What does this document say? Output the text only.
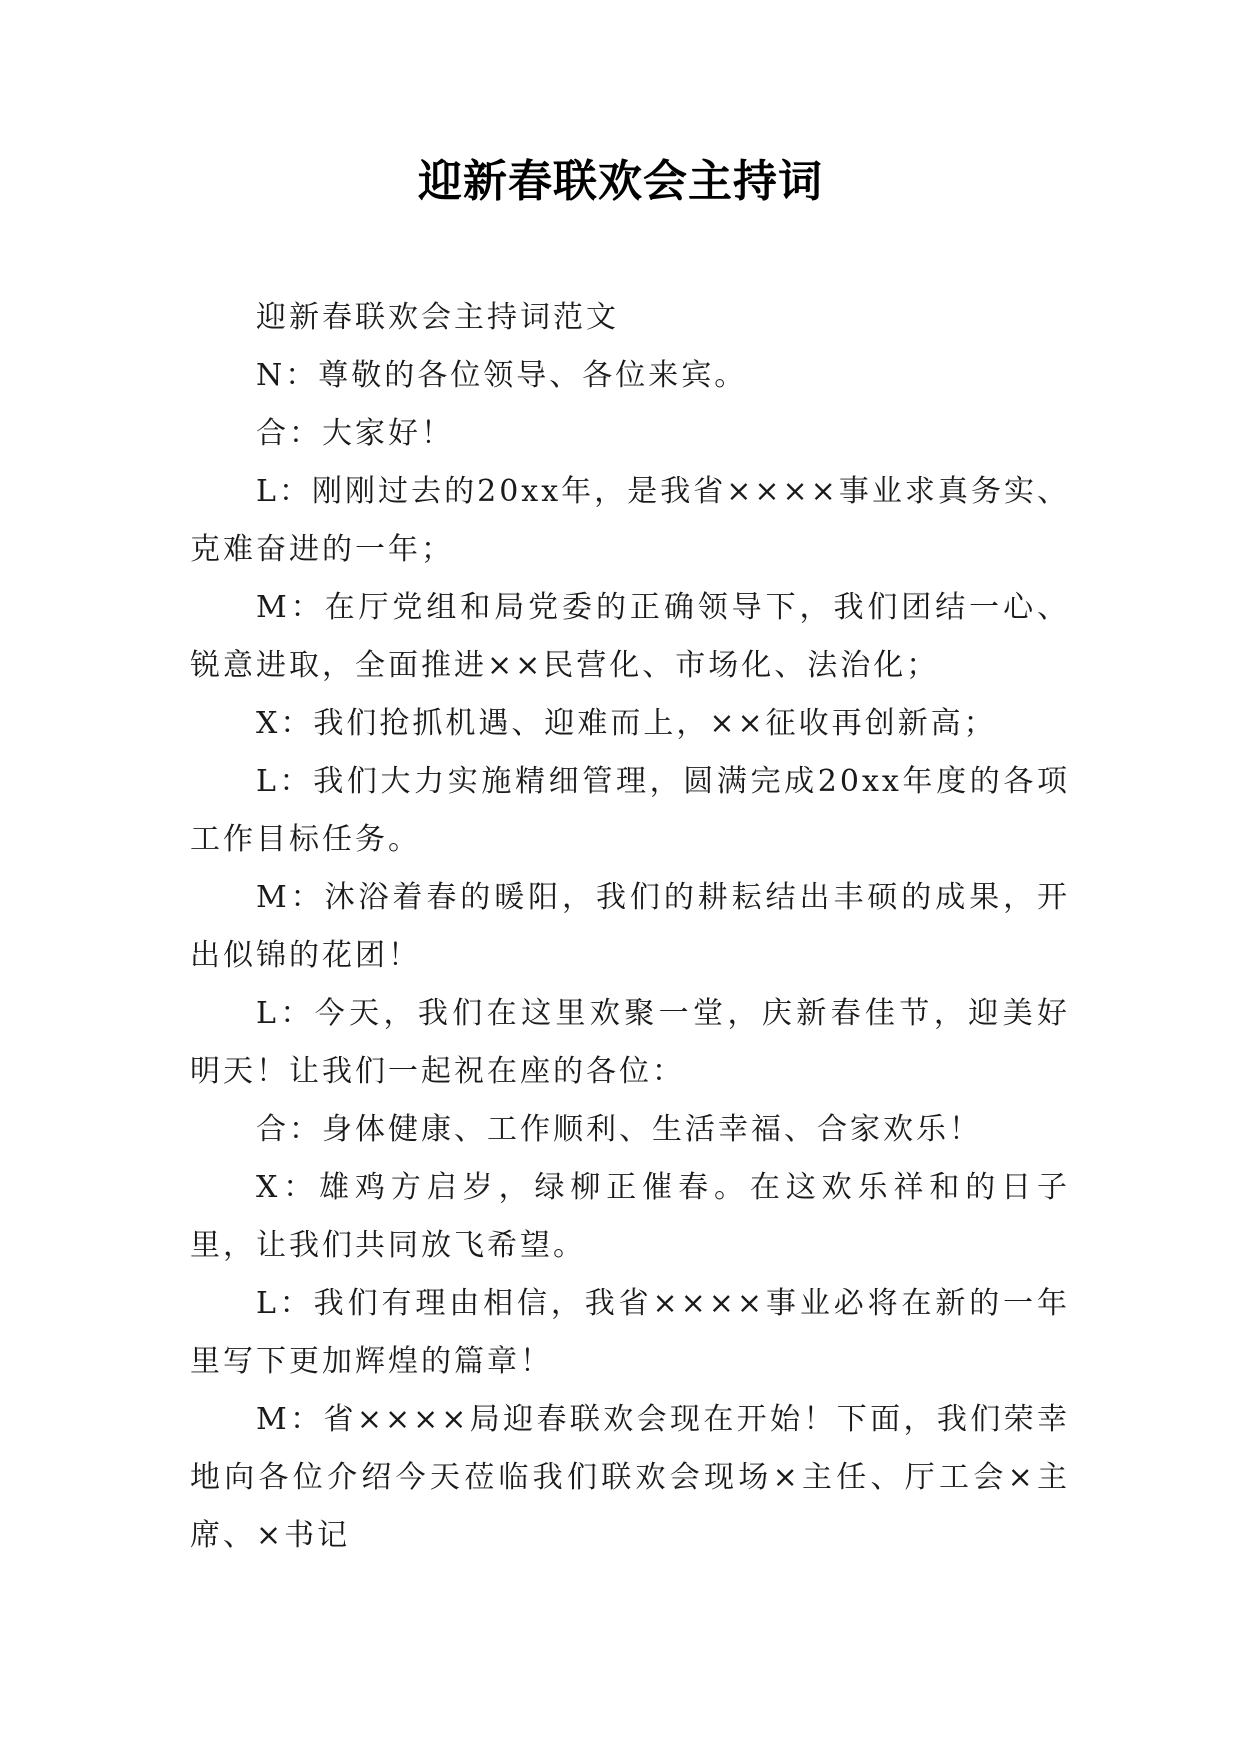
迎新春联欢会主持词

迎新春联欢会主持词范文

N：尊敬的各位领导、各位来宾。

合：大家好！

L：刚刚过去的20xx年，是我省××××事业求真务实、克难奋进的一年；

M：在厅党组和局党委的正确领导下，我们团结一心、锐意进取，全面推进××民营化、市场化、法治化；

X：我们抢抓机遇、迎难而上，××征收再创新高；

L：我们大力实施精细管理，圆满完成20xx年度的各项工作目标任务。

M：沐浴着春的暖阳，我们的耕耘结出丰硕的成果，开出似锦的花团！

L：今天，我们在这里欢聚一堂，庆新春佳节，迎美好明天！让我们一起祝在座的各位：

合：身体健康、工作顺利、生活幸福、合家欢乐！

X：雄鸡方启岁，绿柳正催春。在这欢乐祥和的日子里，让我们共同放飞希望。

L：我们有理由相信，我省××××事业必将在新的一年里写下更加辉煌的篇章！

M：省××××局迎春联欢会现在开始！下面，我们荣幸地向各位介绍今天莅临我们联欢会现场×主任、厅工会×主席、×书记
